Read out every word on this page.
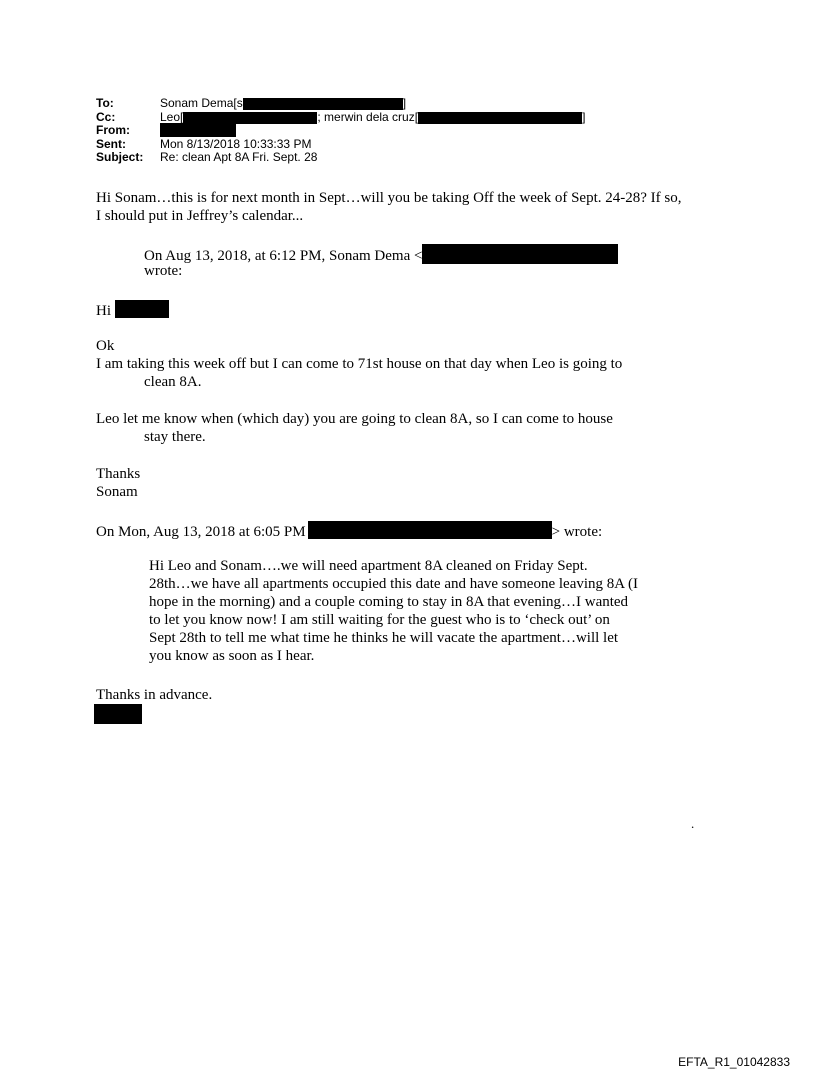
To:	Sonam Dema[s	]
Cc:	Leo[	; merwin dela cruz[	]
From:
Sent:	Mon 8/13/2018 10:33:33 PM
Subject:	Re: clean Apt 8A Fri. Sept. 28
Hi Sonam…this is for next month in Sept…will you be taking Off the week of Sept. 24-28? If so,
I should put in Jeffrey’s calendar...
On Aug 13, 2018, at 6:12 PM, Sonam Dema <
wrote:
Hi
Ok
I am taking this week off but I can come to 71st house on that day when Leo is going to
clean 8A.
Leo let me know when (which day) you are going to clean 8A, so I can come to house
stay there.
Thanks
Sonam
On Mon, Aug 13, 2018 at 6:05 PM	> wrote:
Hi Leo and Sonam….we will need apartment 8A cleaned on Friday Sept.
28th…we have all apartments occupied this date and have someone leaving 8A (I
hope in the morning) and a couple coming to stay in 8A that evening…I wanted
to let you know now! I am still waiting for the guest who is to ‘check out’ on
Sept 28th to tell me what time he thinks he will vacate the apartment…will let
you know as soon as I hear.
Thanks in advance.
.
EFTA_R1_01042833
